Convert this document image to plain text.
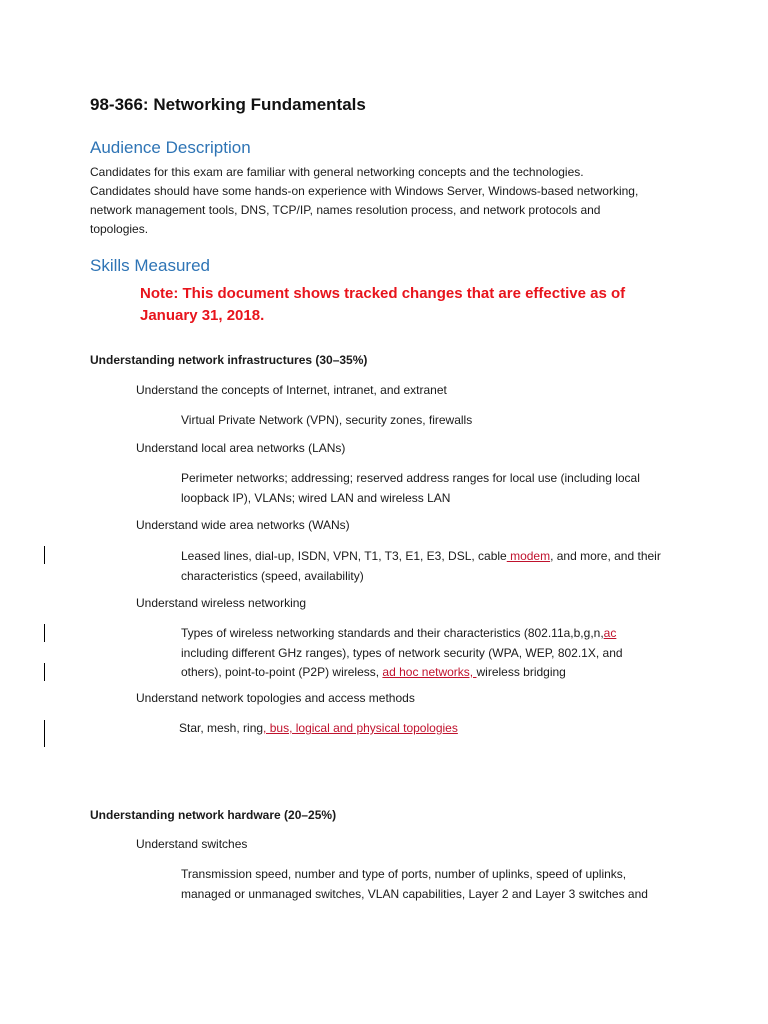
98-366: Networking Fundamentals
Audience Description
Candidates for this exam are familiar with general networking concepts and the technologies.
Candidates should have some hands-on experience with Windows Server, Windows-based networking,
network management tools, DNS, TCP/IP, names resolution process, and network protocols and
topologies.
Skills Measured
Note: This document shows tracked changes that are effective as of
January 31, 2018.
Understanding network infrastructures (30–35%)
Understand the concepts of Internet, intranet, and extranet
Virtual Private Network (VPN), security zones, firewalls
Understand local area networks (LANs)
Perimeter networks; addressing; reserved address ranges for local use (including local
loopback IP), VLANs; wired LAN and wireless LAN
Understand wide area networks (WANs)
Leased lines, dial-up, ISDN, VPN, T1, T3, E1, E3, DSL, cable modem, and more, and their
characteristics (speed, availability)
Understand wireless networking
Types of wireless networking standards and their characteristics (802.11a,b,g,n,ac
including different GHz ranges), types of network security (WPA, WEP, 802.1X, and
others), point-to-point (P2P) wireless, ad hoc networks, wireless bridging
Understand network topologies and access methods
Star, mesh, ring, bus, logical and physical topologies
Understanding network hardware (20–25%)
Understand switches
Transmission speed, number and type of ports, number of uplinks, speed of uplinks,
managed or unmanaged switches, VLAN capabilities, Layer 2 and Layer 3 switches and
